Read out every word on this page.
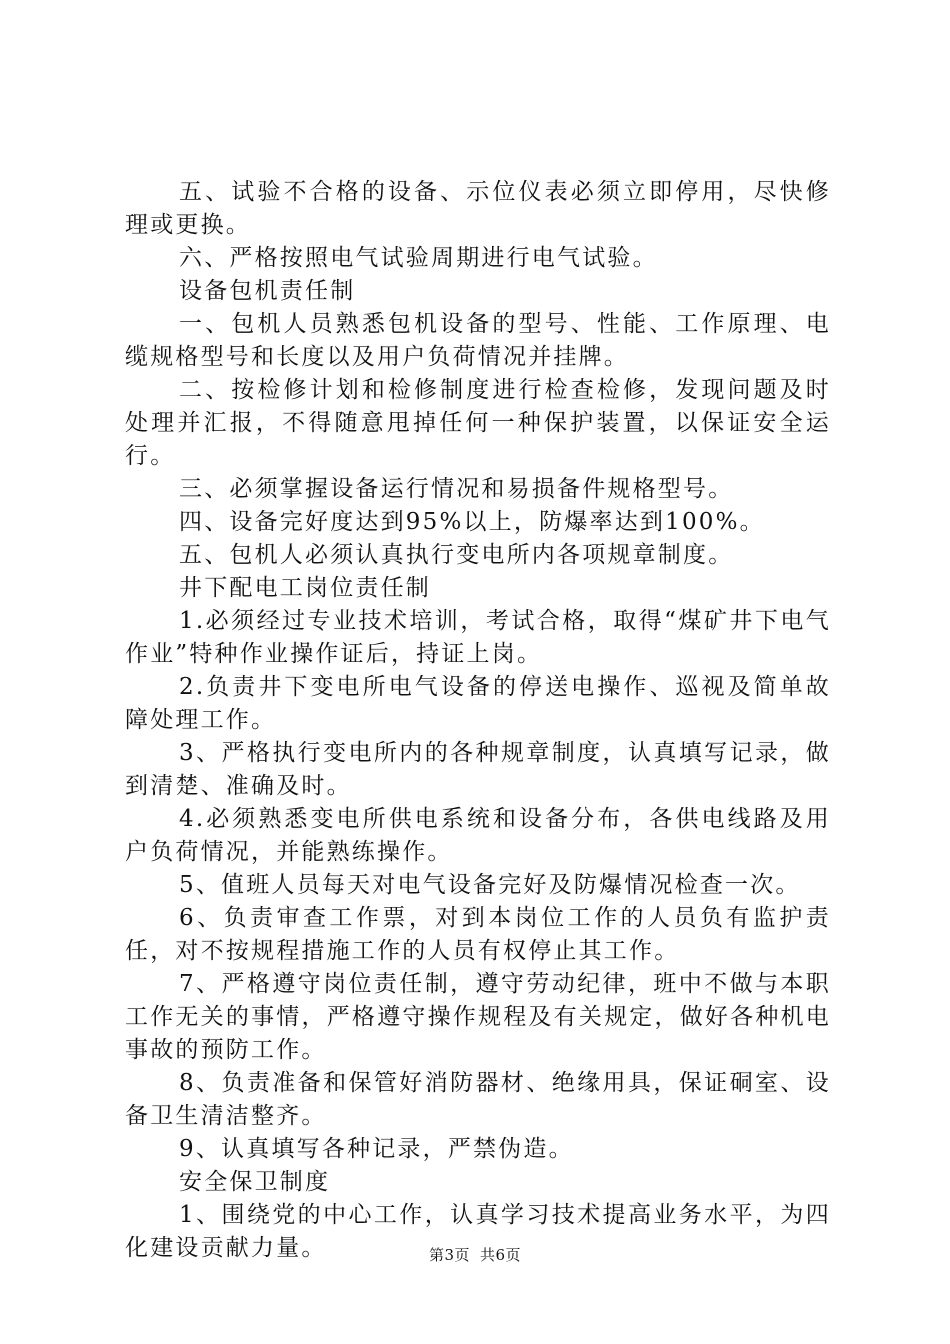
五、试验不合格的设备、示位仪表必须立即停用，尽快修理或更换。

六、严格按照电气试验周期进行电气试验。

设备包机责任制

一、包机人员熟悉包机设备的型号、性能、工作原理、电缆规格型号和长度以及用户负荷情况并挂牌。

二、按检修计划和检修制度进行检查检修，发现问题及时处理并汇报，不得随意甩掉任何一种保护装置，以保证安全运行。

三、必须掌握设备运行情况和易损备件规格型号。

四、设备完好度达到95%以上，防爆率达到100%。

五、包机人必须认真执行变电所内各项规章制度。

井下配电工岗位责任制

1.必须经过专业技术培训，考试合格，取得“煤矿井下电气作业”特种作业操作证后，持证上岗。

2.负责井下变电所电气设备的停送电操作、巡视及简单故障处理工作。

3、严格执行变电所内的各种规章制度，认真填写记录，做到清楚、准确及时。

4.必须熟悉变电所供电系统和设备分布，各供电线路及用户负荷情况，并能熟练操作。

5、值班人员每天对电气设备完好及防爆情况检查一次。

6、负责审查工作票，对到本岗位工作的人员负有监护责任，对不按规程措施工作的人员有权停止其工作。

7、严格遵守岗位责任制，遵守劳动纪律，班中不做与本职工作无关的事情，严格遵守操作规程及有关规定，做好各种机电事故的预防工作。

8、负责准备和保管好消防器材、绝缘用具，保证硐室、设备卫生清洁整齐。

9、认真填写各种记录，严禁伪造。

安全保卫制度

1、围绕党的中心工作，认真学习技术提高业务水平，为四化建设贡献力量。	第3页 共6页
